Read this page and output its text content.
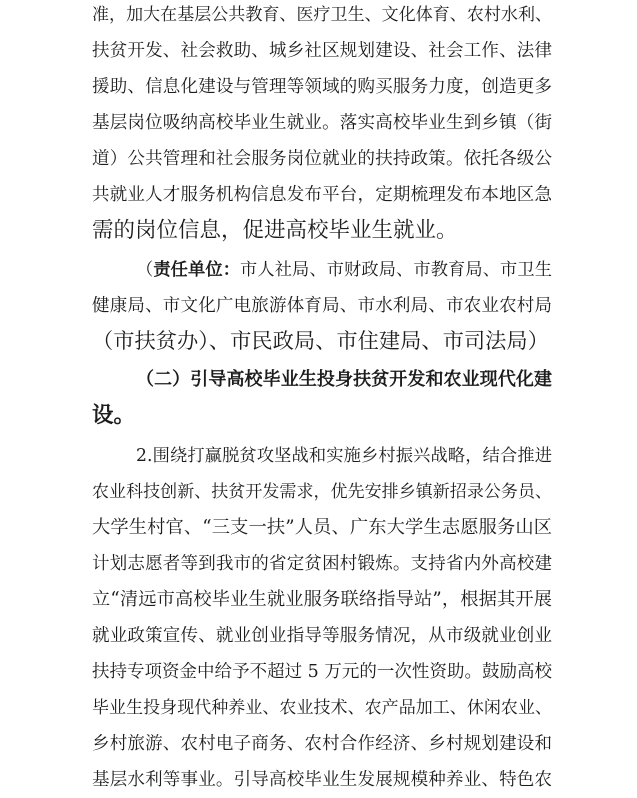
准，加大在基层公共教育、医疗卫生、文化体育、农村水利、
扶贫开发、社会救助、城乡社区规划建设、社会工作、法律
援助、信息化建设与管理等领域的购买服务力度，创造更多
基层岗位吸纳高校毕业生就业。落实高校毕业生到乡镇（街
道）公共管理和社会服务岗位就业的扶持政策。依托各级公
共就业人才服务机构信息发布平台，定期梳理发布本地区急
需的岗位信息，促进高校毕业生就业。
（责任单位：市人社局、市财政局、市教育局、市卫生
健康局、市文化广电旅游体育局、市水利局、市农业农村局
（市扶贫办）、市民政局、市住建局、市司法局）
（二）引导高校毕业生投身扶贫开发和农业现代化建
设。
2.围绕打赢脱贫攻坚战和实施乡村振兴战略，结合推进
农业科技创新、扶贫开发需求，优先安排乡镇新招录公务员、
大学生村官、“三支一扶”人员、广东大学生志愿服务山区
计划志愿者等到我市的省定贫困村锻炼。支持省内外高校建
立“清远市高校毕业生就业服务联络指导站”，根据其开展
就业政策宣传、就业创业指导等服务情况，从市级就业创业
扶持专项资金中给予不超过 5 万元的一次性资助。鼓励高校
毕业生投身现代种养业、农业技术、农产品加工、休闲农业、
乡村旅游、农村电子商务、农村合作经济、乡村规划建设和
基层水利等事业。引导高校毕业生发展规模种养业、特色农
